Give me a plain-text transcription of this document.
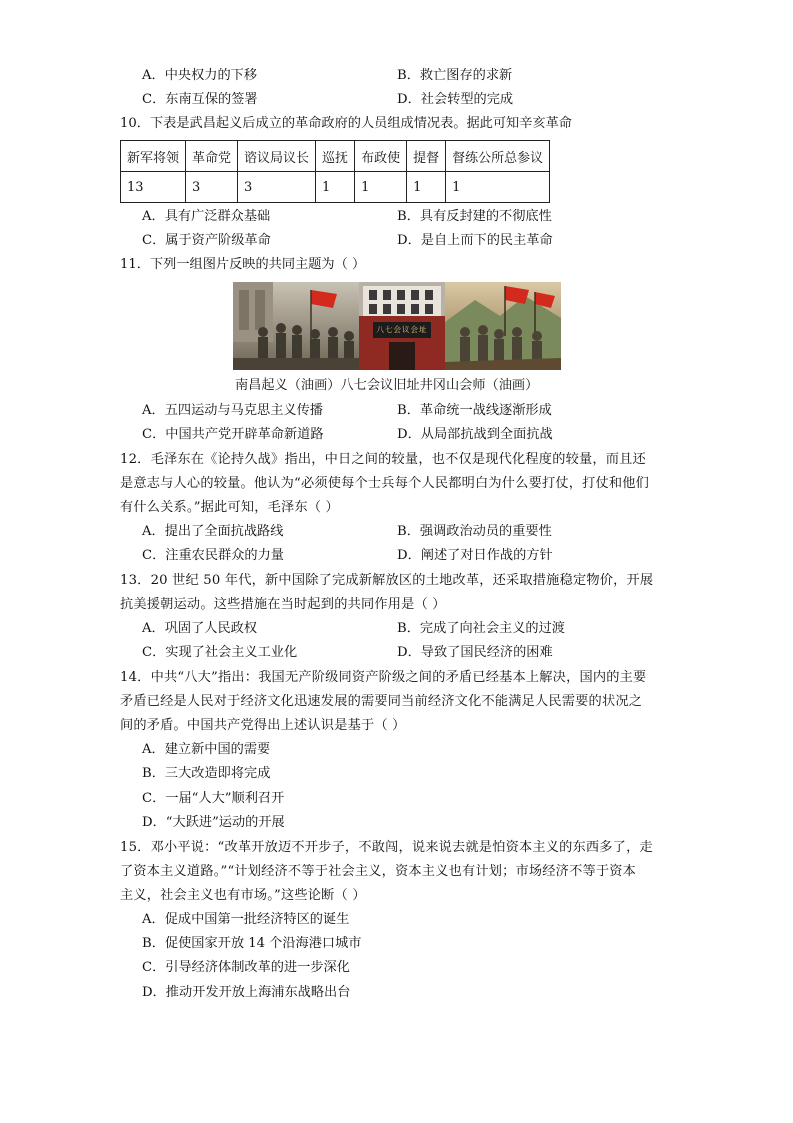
A．中央权力的下移	B．救亡图存的求新
C．东南互保的签署	D．社会转型的完成
10．下表是武昌起义后成立的革命政府的人员组成情况表。据此可知辛亥革命
新军将领	革命党	谘议局议长	巡抚	布政使	提督	督练公所总参议
13	3	3	1	1	1	1
A．具有广泛群众基础	B．具有反封建的不彻底性
C．属于资产阶级革命	D．是自上而下的民主革命
11．下列一组图片反映的共同主题为（ ）
八七会议会址
南昌起义（油画）八七会议旧址井冈山会师（油画）
A．五四运动与马克思主义传播	B．革命统一战线逐渐形成
C．中国共产党开辟革命新道路	D．从局部抗战到全面抗战
12．毛泽东在《论持久战》指出，中日之间的较量，也不仅是现代化程度的较量，而且还
是意志与人心的较量。他认为“必须使每个士兵每个人民都明白为什么要打仗，打仗和他们
有什么关系。”据此可知，毛泽东（ ）
A．提出了全面抗战路线	B．强调政治动员的重要性
C．注重农民群众的力量	D．阐述了对日作战的方针
13．20 世纪 50 年代，新中国除了完成新解放区的土地改革，还采取措施稳定物价，开展
抗美援朝运动。这些措施在当时起到的共同作用是（ ）
A．巩固了人民政权	B．完成了向社会主义的过渡
C．实现了社会主义工业化	D．导致了国民经济的困难
14．中共“八大”指出：我国无产阶级同资产阶级之间的矛盾已经基本上解决，国内的主要
矛盾已经是人民对于经济文化迅速发展的需要同当前经济文化不能满足人民需要的状况之
间的矛盾。中国共产党得出上述认识是基于（ ）
A．建立新中国的需要
B．三大改造即将完成
C．一届“人大”顺利召开
D．“大跃进”运动的开展
15．邓小平说：“改革开放迈不开步子，不敢闯，说来说去就是怕资本主义的东西多了，走
了资本主义道路。”“计划经济不等于社会主义，资本主义也有计划；市场经济不等于资本
主义，社会主义也有市场。”这些论断（ ）
A．促成中国第一批经济特区的诞生
B．促使国家开放 14 个沿海港口城市
C．引导经济体制改革的进一步深化
D．推动开发开放上海浦东战略出台
